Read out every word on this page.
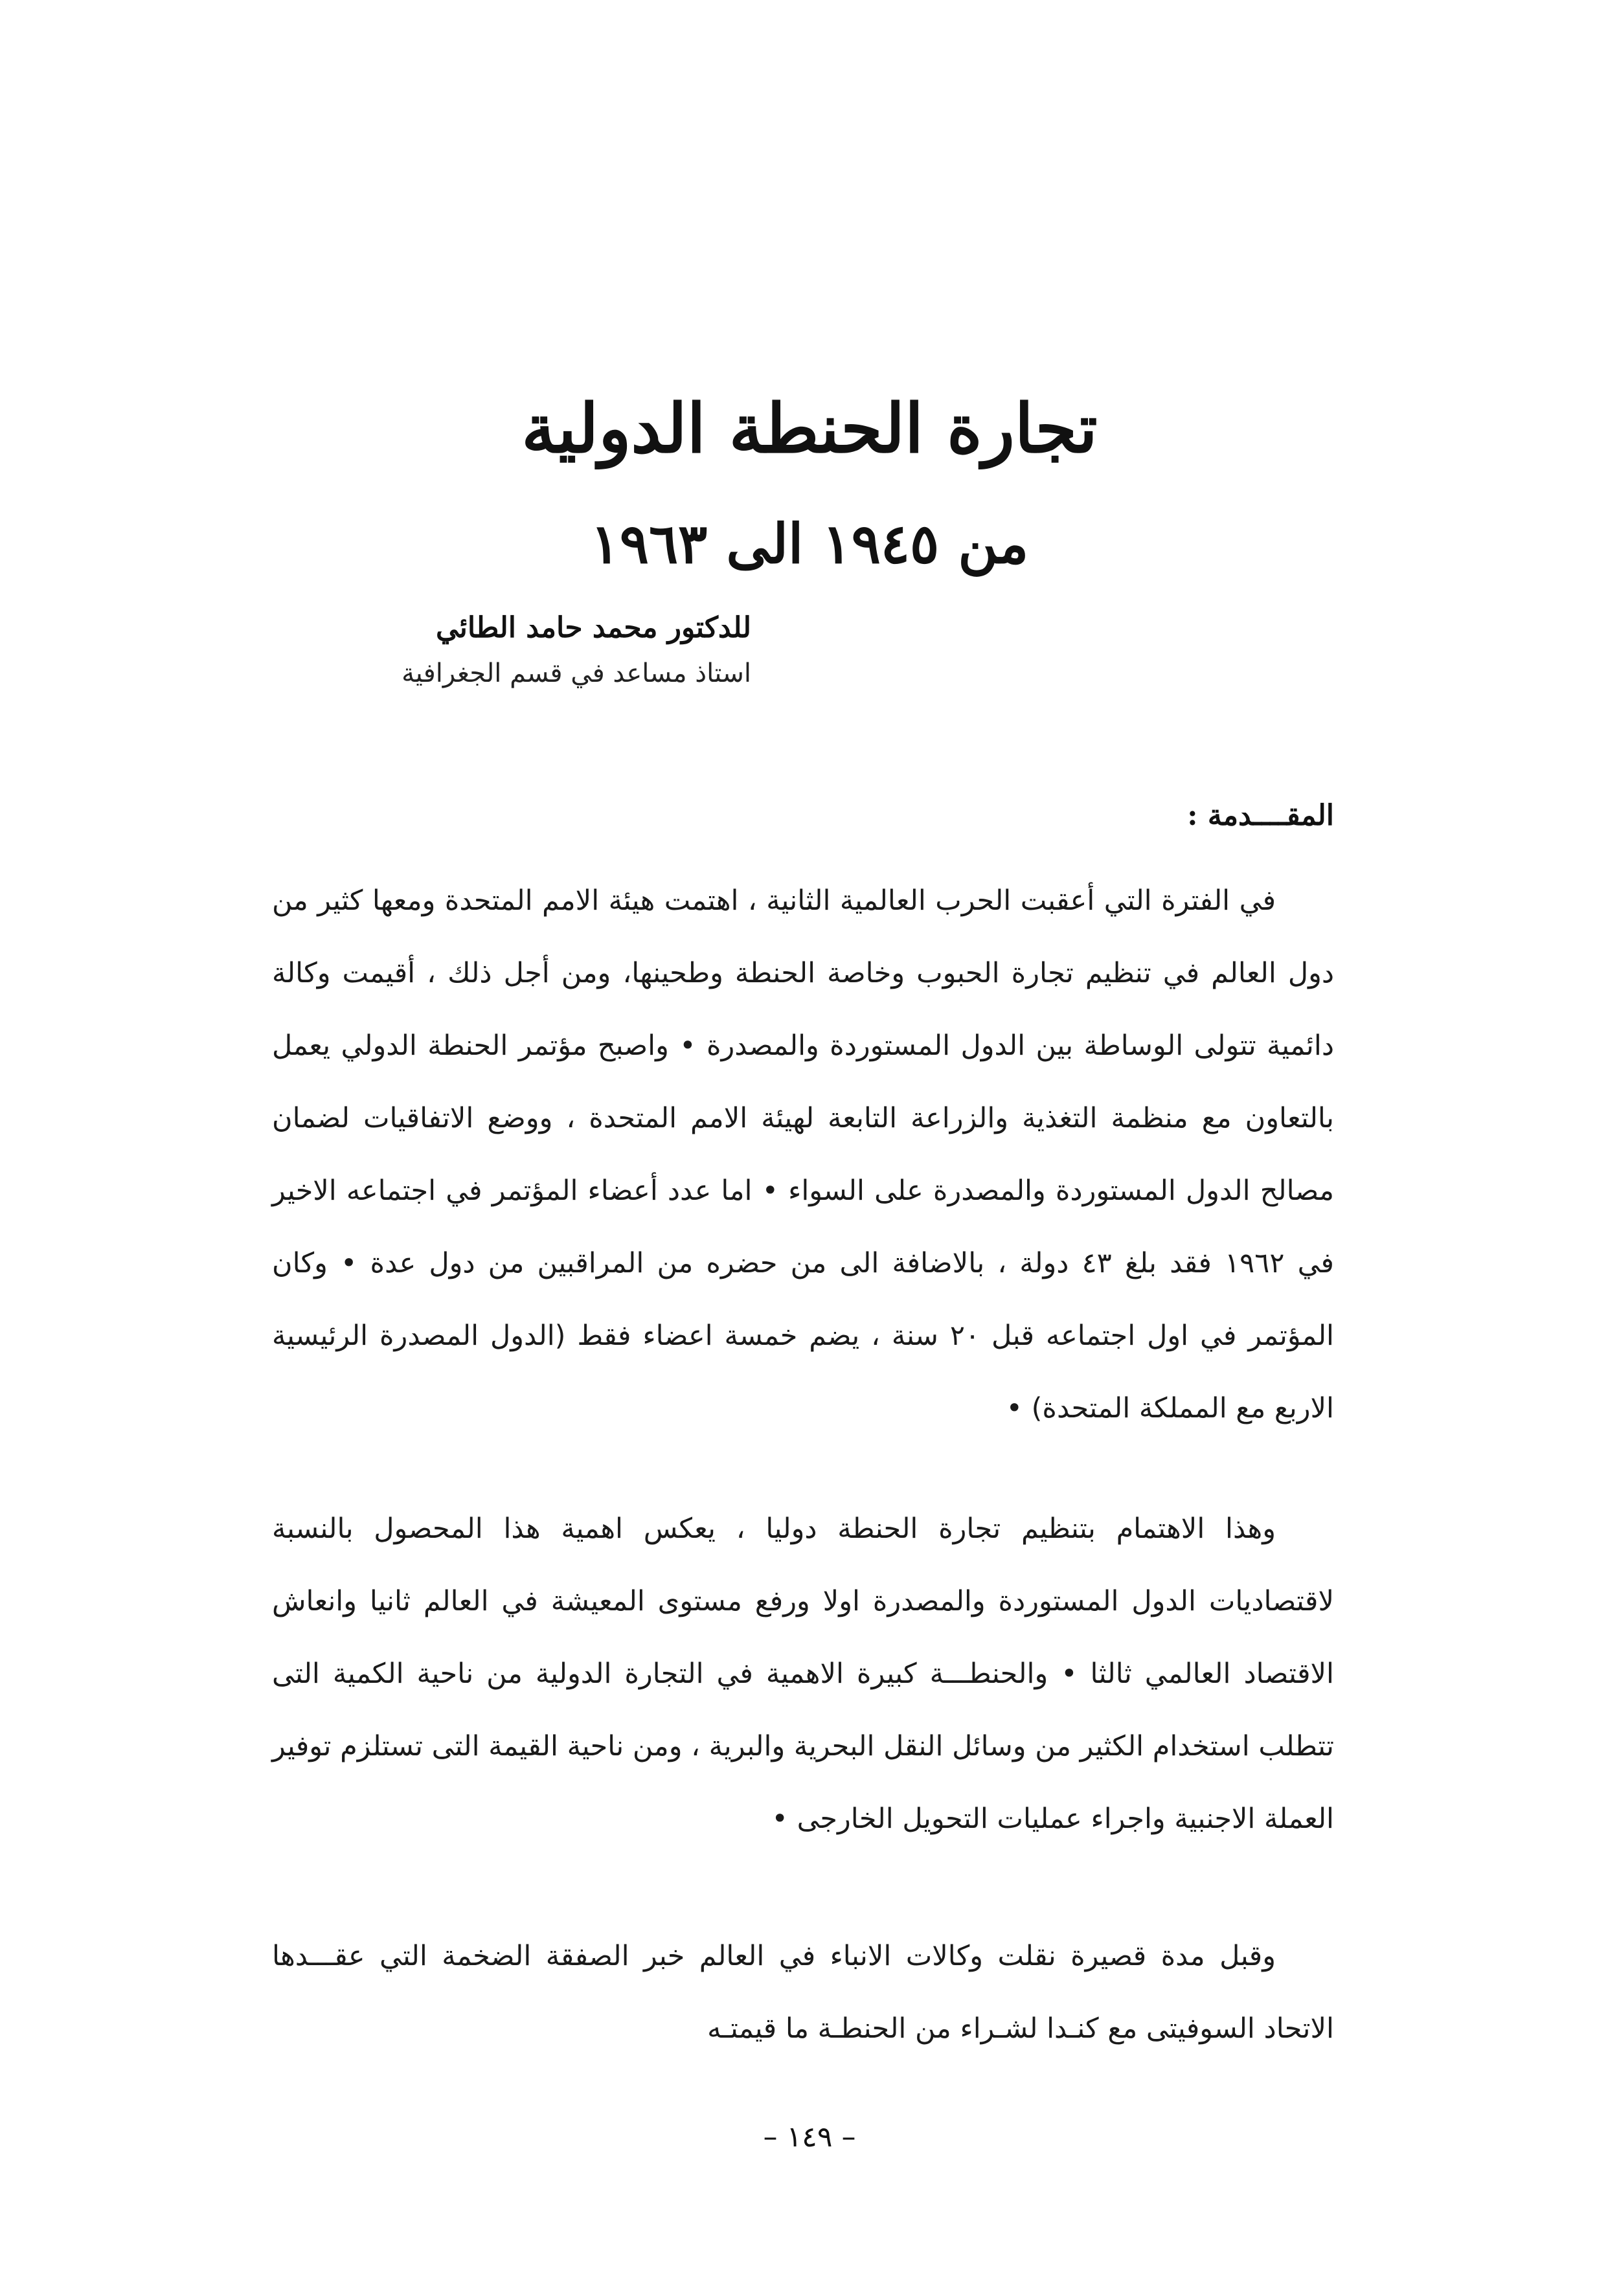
تجارة الحنطة الدولية
من ١٩٤٥ الى ١٩٦٣
للدكتور محمد حامد الطائي
استاذ مساعد في قسم الجغرافية
المقــــدمة :

في الفترة التي أعقبت الحرب العالمية الثانية ، اهتمت هيئة الامم المتحدة ومعها كثير من دول العالم في تنظيم تجارة الحبوب وخاصة الحنطة وطحينها، ومن أجل ذلك ، أقيمت وكالة دائمية تتولى الوساطة بين الدول المستوردة والمصدرة • واصبح مؤتمر الحنطة الدولي يعمل بالتعاون مع منظمة التغذية والزراعة التابعة لهيئة الامم المتحدة ، ووضع الاتفاقيات لضمان مصالح الدول المستوردة والمصدرة على السواء • اما عدد أعضاء المؤتمر في اجتماعه الاخير في ١٩٦٢ فقد بلغ ٤٣ دولة ، بالاضافة الى من حضره من المراقبين من دول عدة • وكان المؤتمر في اول اجتماعه قبل ٢٠ سنة ، يضم خمسة اعضاء فقط (الدول المصدرة الرئيسية الاربع مع المملكة المتحدة) •

وهذا الاهتمام بتنظيم تجارة الحنطة دوليا ، يعكس اهمية هذا المحصول بالنسبة لاقتصاديات الدول المستوردة والمصدرة اولا ورفع مستوى المعيشة في العالم ثانيا وانعاش الاقتصاد العالمي ثالثا • والحنطـــة كبيرة الاهمية في التجارة الدولية من ناحية الكمية التى تتطلب استخدام الكثير من وسائل النقل البحرية والبرية ، ومن ناحية القيمة التى تستلزم توفير العملة الاجنبية واجراء عمليات التحويل الخارجى •

وقبل مدة قصيرة نقلت وكالات الانباء في العالم خبر الصفقة الضخمة التي عقـــدها الاتحاد السوفيتى مع كنـدا لشـراء من الحنطـة ما قيمتـه

– ١٤٩ –
